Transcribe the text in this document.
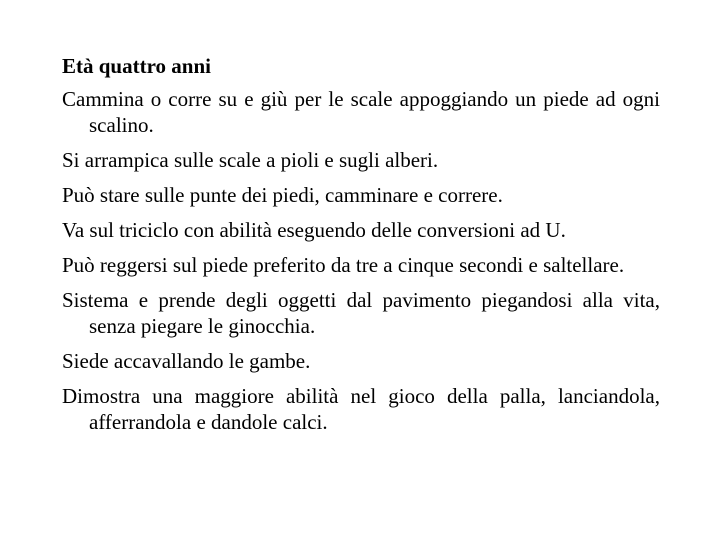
Età quattro anni
Cammina o corre su e giù per le scale appoggiando un piede ad ogni scalino.
Si arrampica sulle scale a pioli e sugli alberi.
Può stare sulle punte dei piedi, camminare e correre.
Va sul triciclo con abilità eseguendo delle conversioni ad U.
Può reggersi sul piede preferito da tre a cinque secondi e saltellare.
Sistema e prende degli oggetti dal pavimento piegandosi alla vita, senza piegare le ginocchia.
Siede accavallando le gambe.
Dimostra una maggiore abilità nel gioco della palla, lanciandola, afferrandola e dandole calci.
